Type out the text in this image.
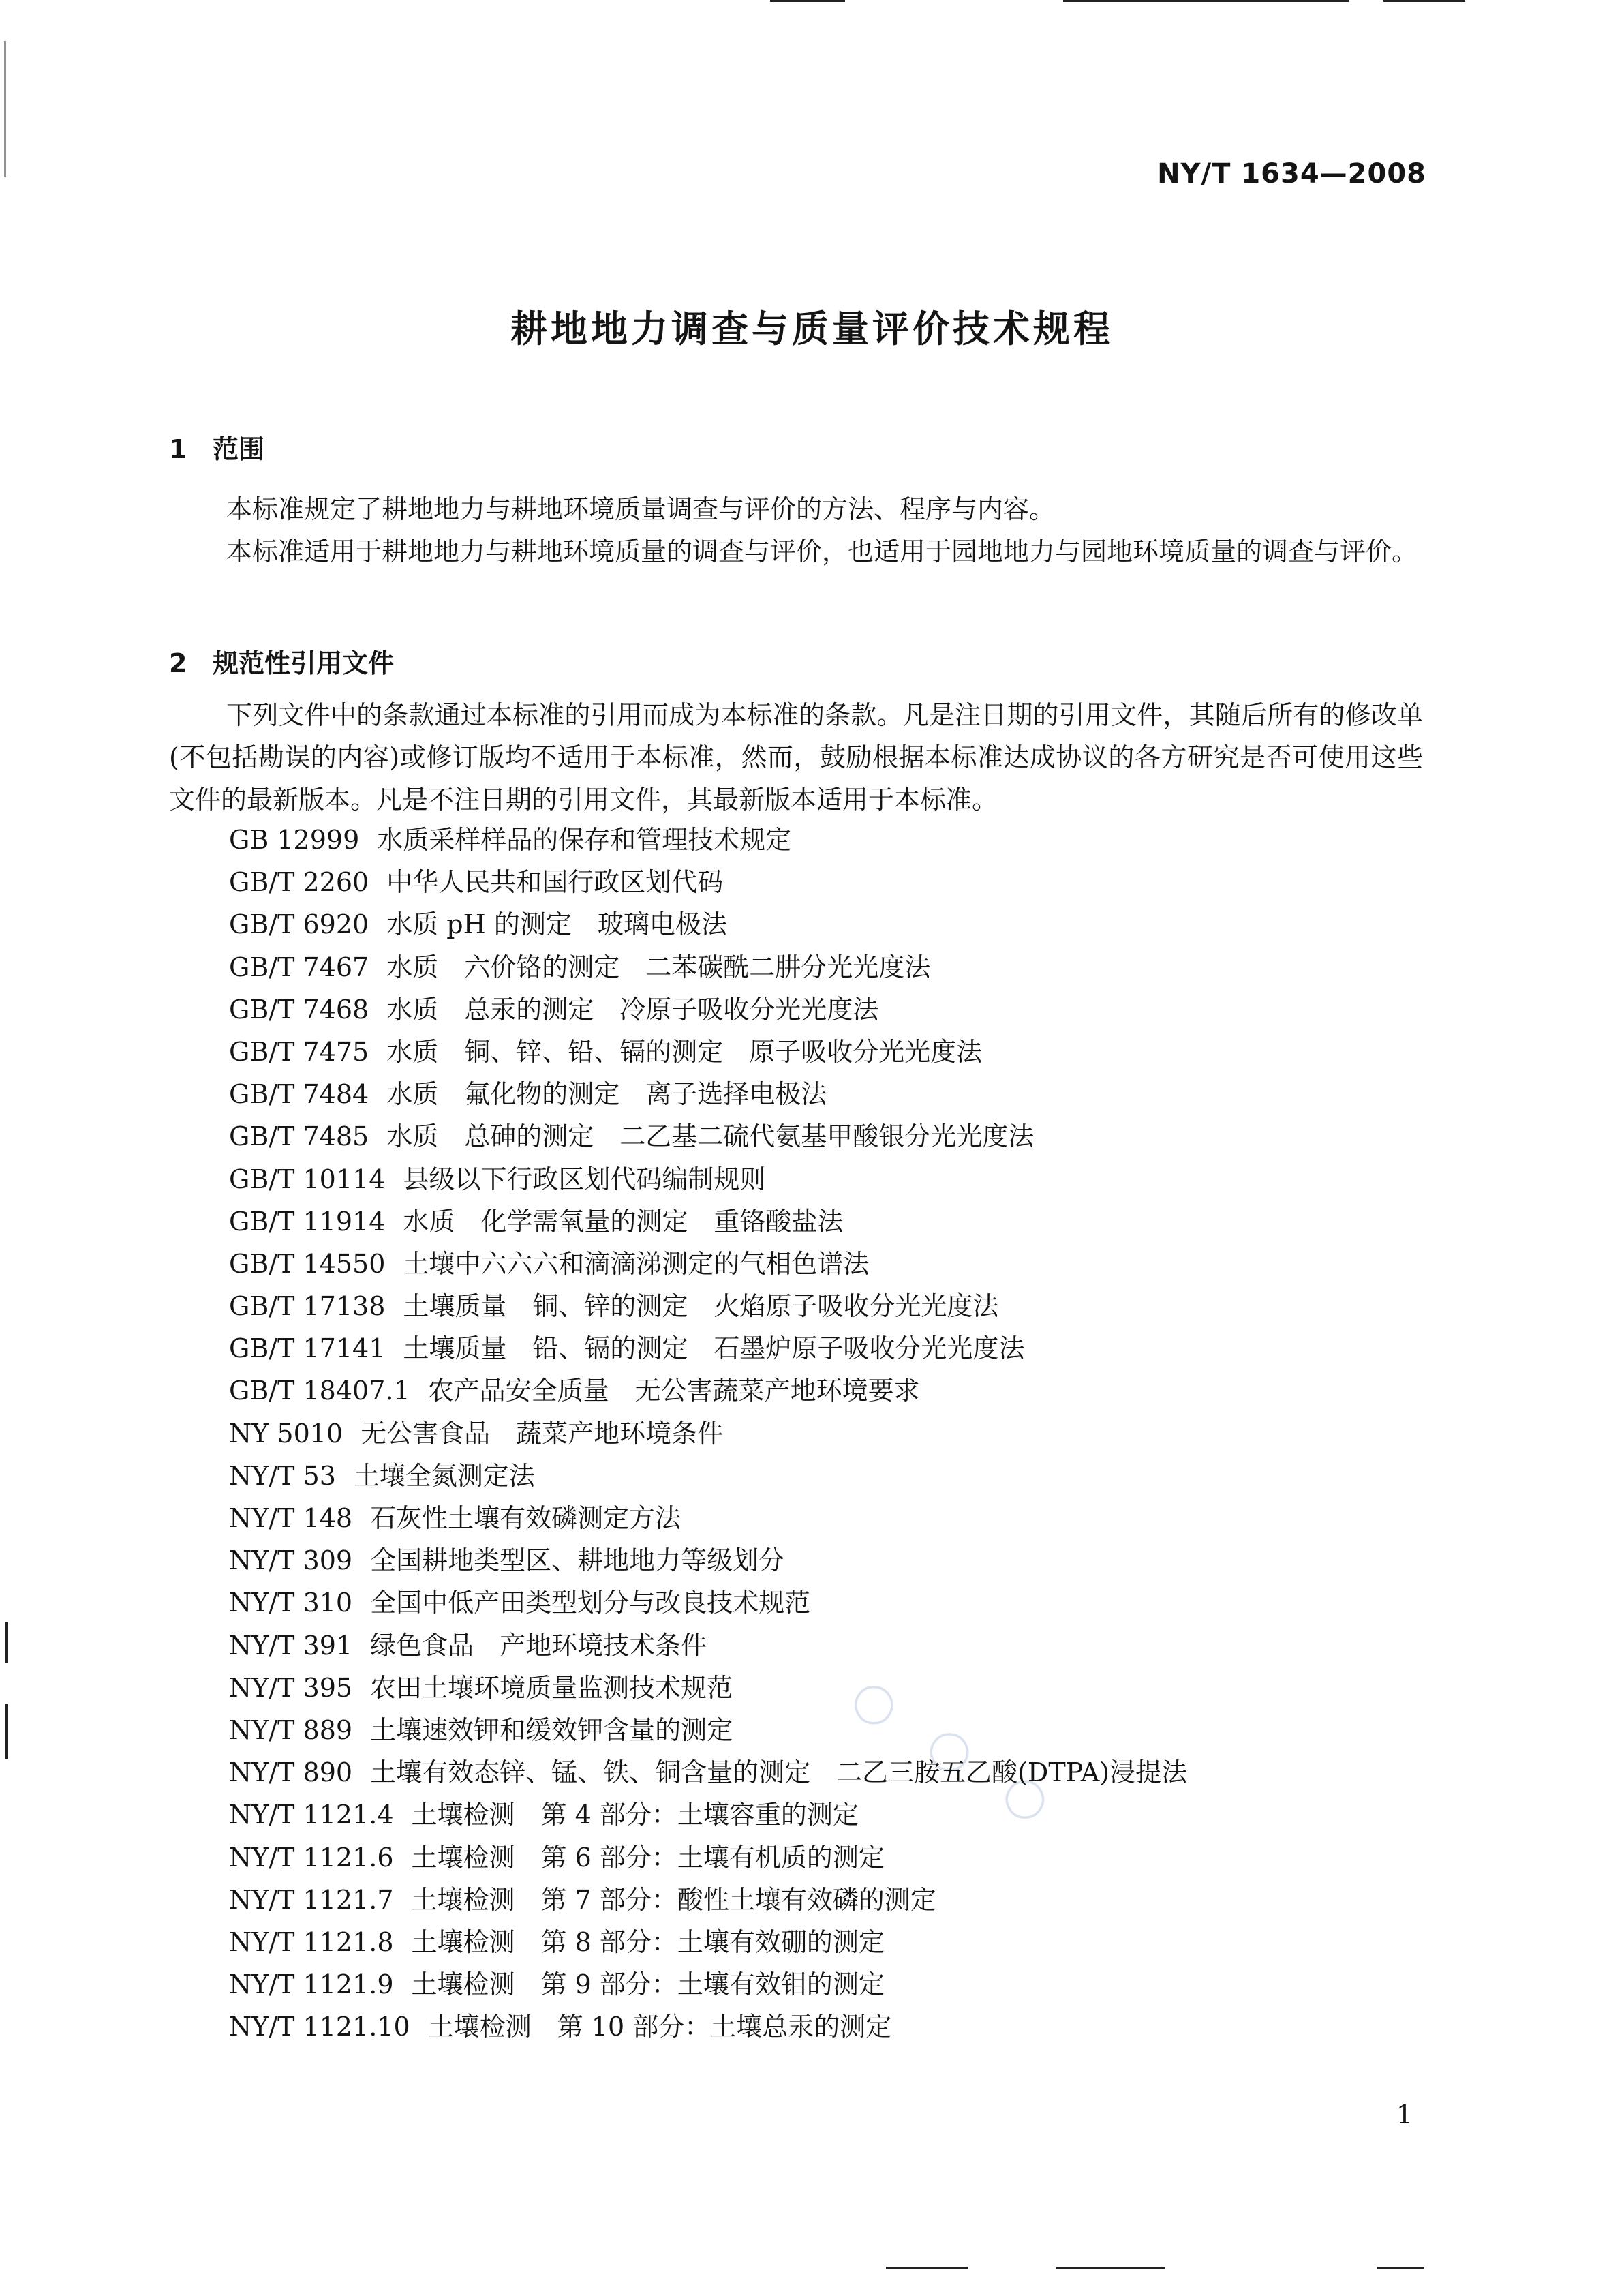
◯　◯　◯
NY/T 1634—2008
耕地地力调查与质量评价技术规程
1 范围
本标准规定了耕地地力与耕地环境质量调查与评价的方法、程序与内容。
本标准适用于耕地地力与耕地环境质量的调查与评价，也适用于园地地力与园地环境质量的调查与评价。
2 规范性引用文件
下列文件中的条款通过本标准的引用而成为本标准的条款。凡是注日期的引用文件，其随后所有的修改单(不包括勘误的内容)或修订版均不适用于本标准，然而，鼓励根据本标准达成协议的各方研究是否可使用这些文件的最新版本。凡是不注日期的引用文件，其最新版本适用于本标准。
GB 12999 水质采样样品的保存和管理技术规定
GB/T 2260 中华人民共和国行政区划代码
GB/T 6920 水质 pH 的测定　玻璃电极法
GB/T 7467 水质　六价铬的测定　二苯碳酰二肼分光光度法
GB/T 7468 水质　总汞的测定　冷原子吸收分光光度法
GB/T 7475 水质　铜、锌、铅、镉的测定　原子吸收分光光度法
GB/T 7484 水质　氟化物的测定　离子选择电极法
GB/T 7485 水质　总砷的测定　二乙基二硫代氨基甲酸银分光光度法
GB/T 10114 县级以下行政区划代码编制规则
GB/T 11914 水质　化学需氧量的测定　重铬酸盐法
GB/T 14550 土壤中六六六和滴滴涕测定的气相色谱法
GB/T 17138 土壤质量　铜、锌的测定　火焰原子吸收分光光度法
GB/T 17141 土壤质量　铅、镉的测定　石墨炉原子吸收分光光度法
GB/T 18407.1 农产品安全质量　无公害蔬菜产地环境要求
NY 5010 无公害食品　蔬菜产地环境条件
NY/T 53 土壤全氮测定法
NY/T 148 石灰性土壤有效磷测定方法
NY/T 309 全国耕地类型区、耕地地力等级划分
NY/T 310 全国中低产田类型划分与改良技术规范
NY/T 391 绿色食品　产地环境技术条件
NY/T 395 农田土壤环境质量监测技术规范
NY/T 889 土壤速效钾和缓效钾含量的测定
NY/T 890 土壤有效态锌、锰、铁、铜含量的测定　二乙三胺五乙酸(DTPA)浸提法
NY/T 1121.4 土壤检测　第 4 部分：土壤容重的测定
NY/T 1121.6 土壤检测　第 6 部分：土壤有机质的测定
NY/T 1121.7 土壤检测　第 7 部分：酸性土壤有效磷的测定
NY/T 1121.8 土壤检测　第 8 部分：土壤有效硼的测定
NY/T 1121.9 土壤检测　第 9 部分：土壤有效钼的测定
NY/T 1121.10 土壤检测　第 10 部分：土壤总汞的测定
1
